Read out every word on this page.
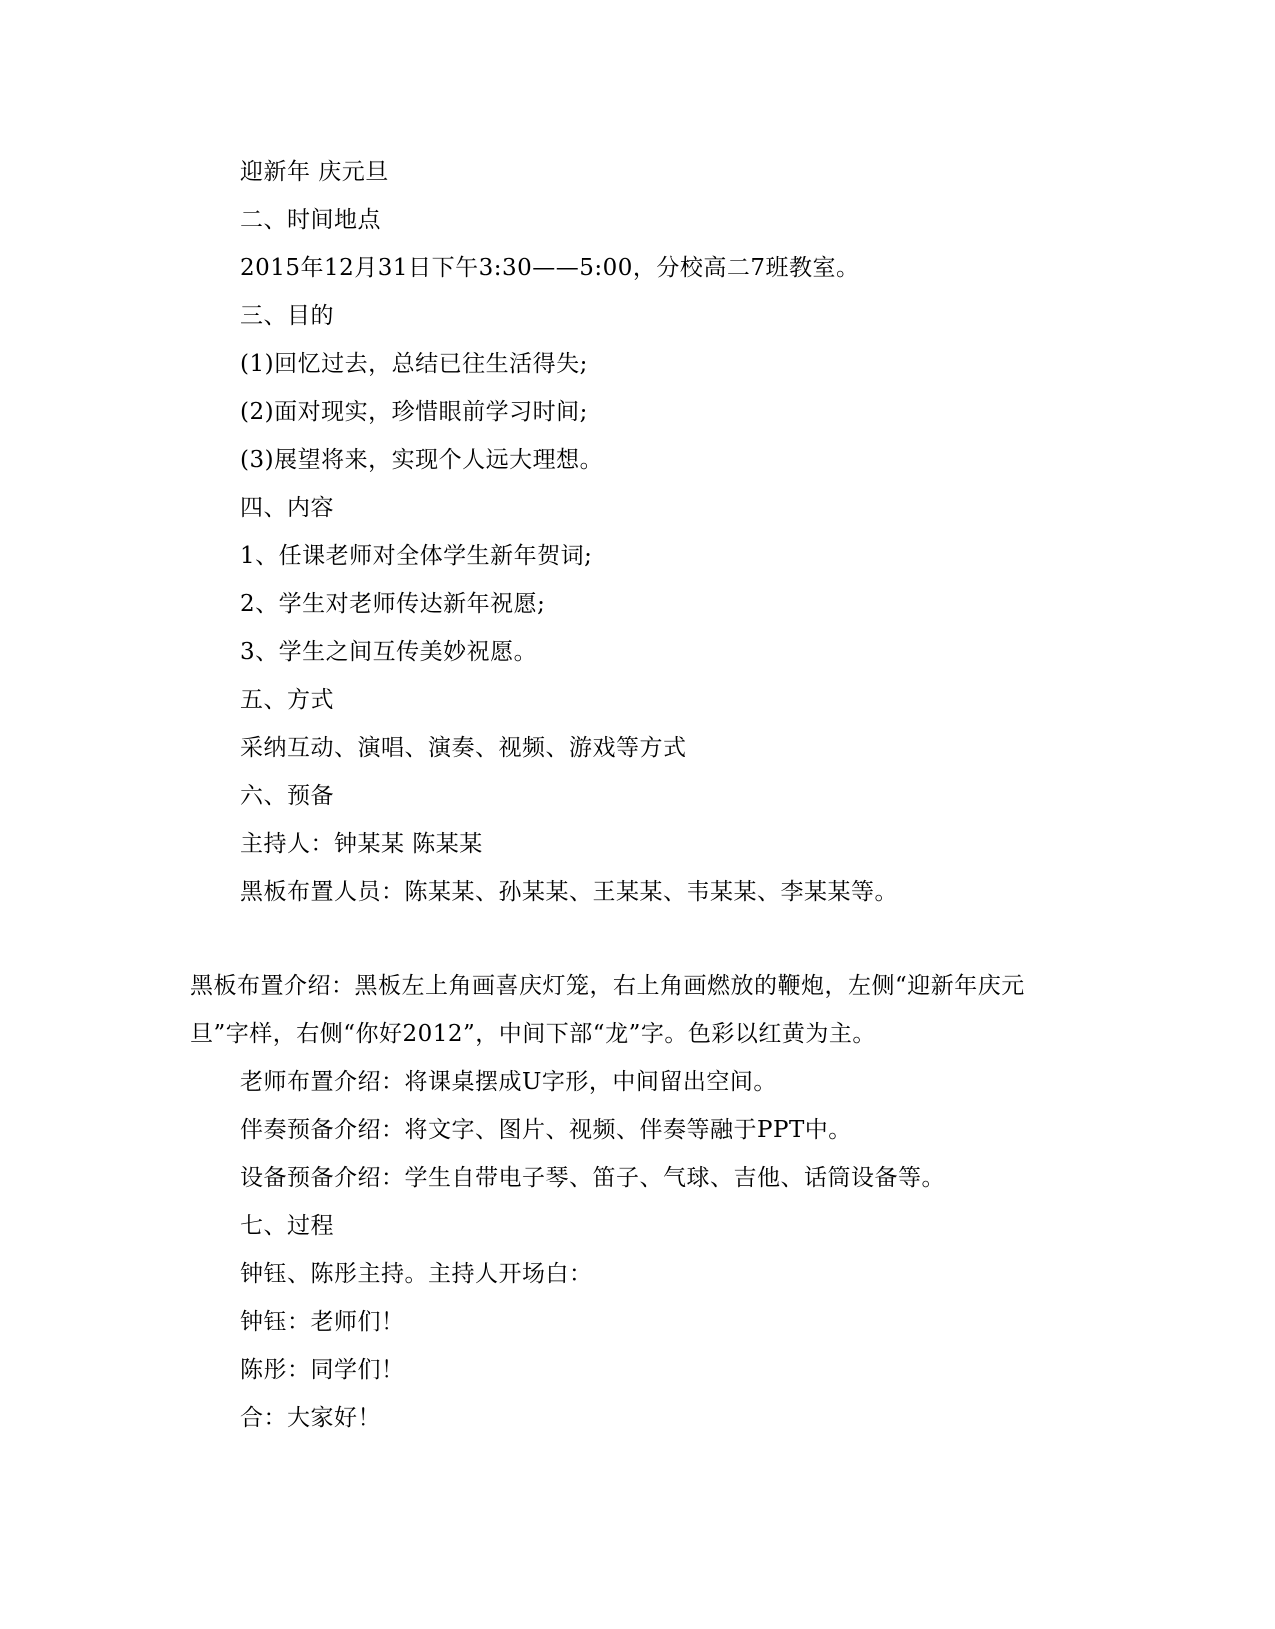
迎新年 庆元旦
二、时间地点
2015年12月31日下午3:30——5:00，分校高二7班教室。
三、目的
(1)回忆过去，总结已往生活得失;
(2)面对现实，珍惜眼前学习时间;
(3)展望将来，实现个人远大理想。
四、内容
1、任课老师对全体学生新年贺词;
2、学生对老师传达新年祝愿;
3、学生之间互传美妙祝愿。
五、方式
采纳互动、演唱、演奏、视频、游戏等方式
六、预备
主持人：钟某某 陈某某
黑板布置人员：陈某某、孙某某、王某某、韦某某、李某某等。
黑板布置介绍：黑板左上角画喜庆灯笼，右上角画燃放的鞭炮，左侧“迎新年庆元
旦”字样，右侧“你好2012”，中间下部“龙”字。色彩以红黄为主。
老师布置介绍：将课桌摆成U字形，中间留出空间。
伴奏预备介绍：将文字、图片、视频、伴奏等融于PPT中。
设备预备介绍：学生自带电子琴、笛子、气球、吉他、话筒设备等。
七、过程
钟钰、陈彤主持。主持人开场白：
钟钰：老师们！
陈彤：同学们！
合：大家好！
